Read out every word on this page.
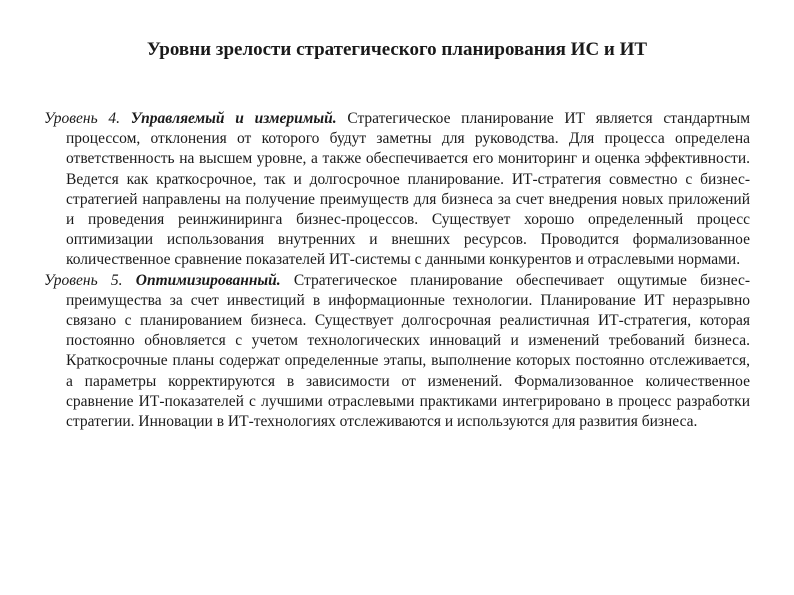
Уровни зрелости стратегического планирования ИС и ИТ

Уровень 4. Управляемый и измеримый. Стратегическое планирование ИТ является стандартным процессом, отклонения от которого будут заметны для руководства. Для процесса определена ответственность на высшем уровне, а также обеспечивается его мониторинг и оценка эффективности. Ведется как краткосрочное, так и долгосрочное планирование. ИТ-стратегия совместно с бизнес-стратегией направлены на получение преимуществ для бизнеса за счет внедрения новых приложений и проведения реинжиниринга бизнес-процессов. Существует хорошо определенный процесс оптимизации использования внутренних и внешних ресурсов. Проводится формализованное количественное сравнение показателей ИТ-системы с данными конкурентов и отраслевыми нормами.

Уровень 5. Оптимизированный. Стратегическое планирование обеспечивает ощутимые бизнес-преимущества за счет инвестиций в информационные технологии. Планирование ИТ неразрывно связано с планированием бизнеса. Существует долгосрочная реалистичная ИТ-стратегия, которая постоянно обновляется с учетом технологических инноваций и изменений требований бизнеса. Краткосрочные планы содержат определенные этапы, выполнение которых постоянно отслеживается, а параметры корректируются в зависимости от изменений. Формализованное количественное сравнение ИТ-показателей с лучшими отраслевыми практиками интегрировано в процесс разработки стратегии. Инновации в ИТ-технологиях отслеживаются и используются для развития бизнеса.
